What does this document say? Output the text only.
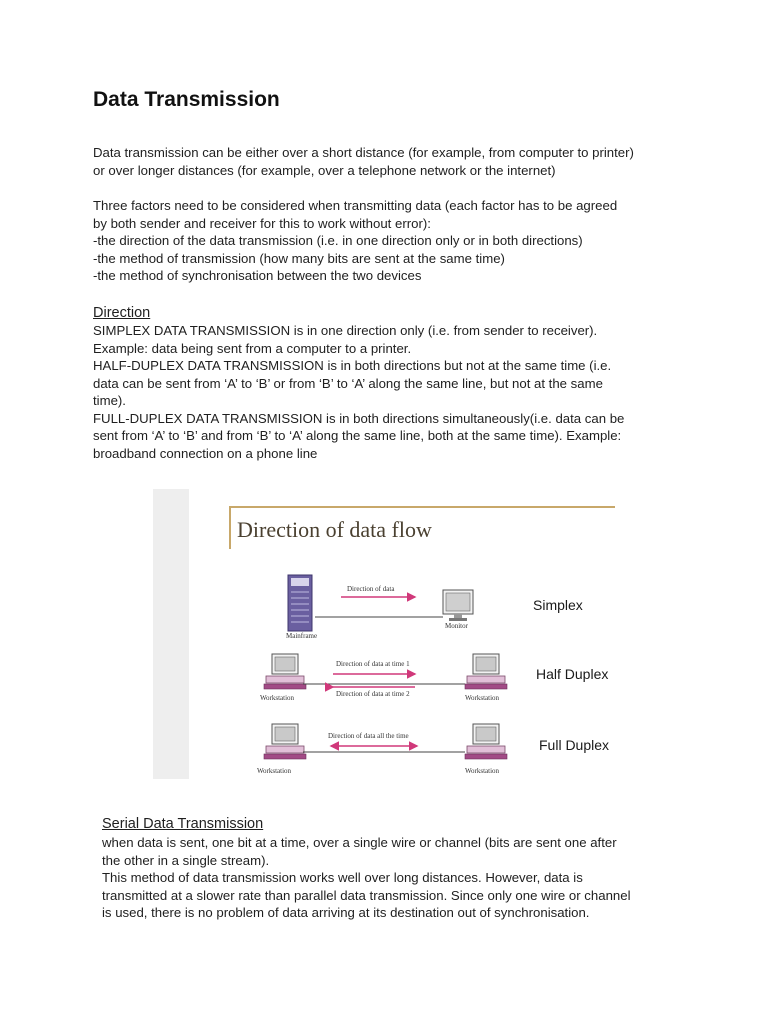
Data Transmission
Data transmission can be either over a short distance (for example, from computer to printer)
or over longer distances (for example, over a telephone network or the internet)
Three factors need to be considered when transmitting data (each factor has to be agreed
by both sender and receiver for this to work without error):
-the direction of the data transmission (i.e. in one direction only or in both directions)
-the method of transmission (how many bits are sent at the same time)
-the method of synchronisation between the two devices
Direction
SIMPLEX DATA TRANSMISSION is in one direction only (i.e. from sender to receiver).
Example: data being sent from a computer to a printer.
HALF-DUPLEX DATA TRANSMISSION is in both directions but not at the same time (i.e.
data can be sent from ‘A’ to ‘B’ or from ‘B’ to ‘A’ along the same line, but not at the same
time).
FULL-DUPLEX DATA TRANSMISSION is in both directions simultaneously(i.e. data can be
sent from ‘A’ to ‘B’ and from ‘B’ to ‘A’ along the same line, both at the same time). Example:
broadband connection on a phone line
Direction of data flow
Direction of data
Mainframe
Monitor
Simplex
Direction of data at time 1
Direction of data at time 2
Workstation	Workstation
Half Duplex
Direction of data all the time
Workstation	Workstation
Full Duplex
Serial Data Transmission
when data is sent, one bit at a time, over a single wire or channel (bits are sent one after
the other in a single stream).
This method of data transmission works well over long distances. However, data is
transmitted at a slower rate than parallel data transmission. Since only one wire or channel
is used, there is no problem of data arriving at its destination out of synchronisation.
